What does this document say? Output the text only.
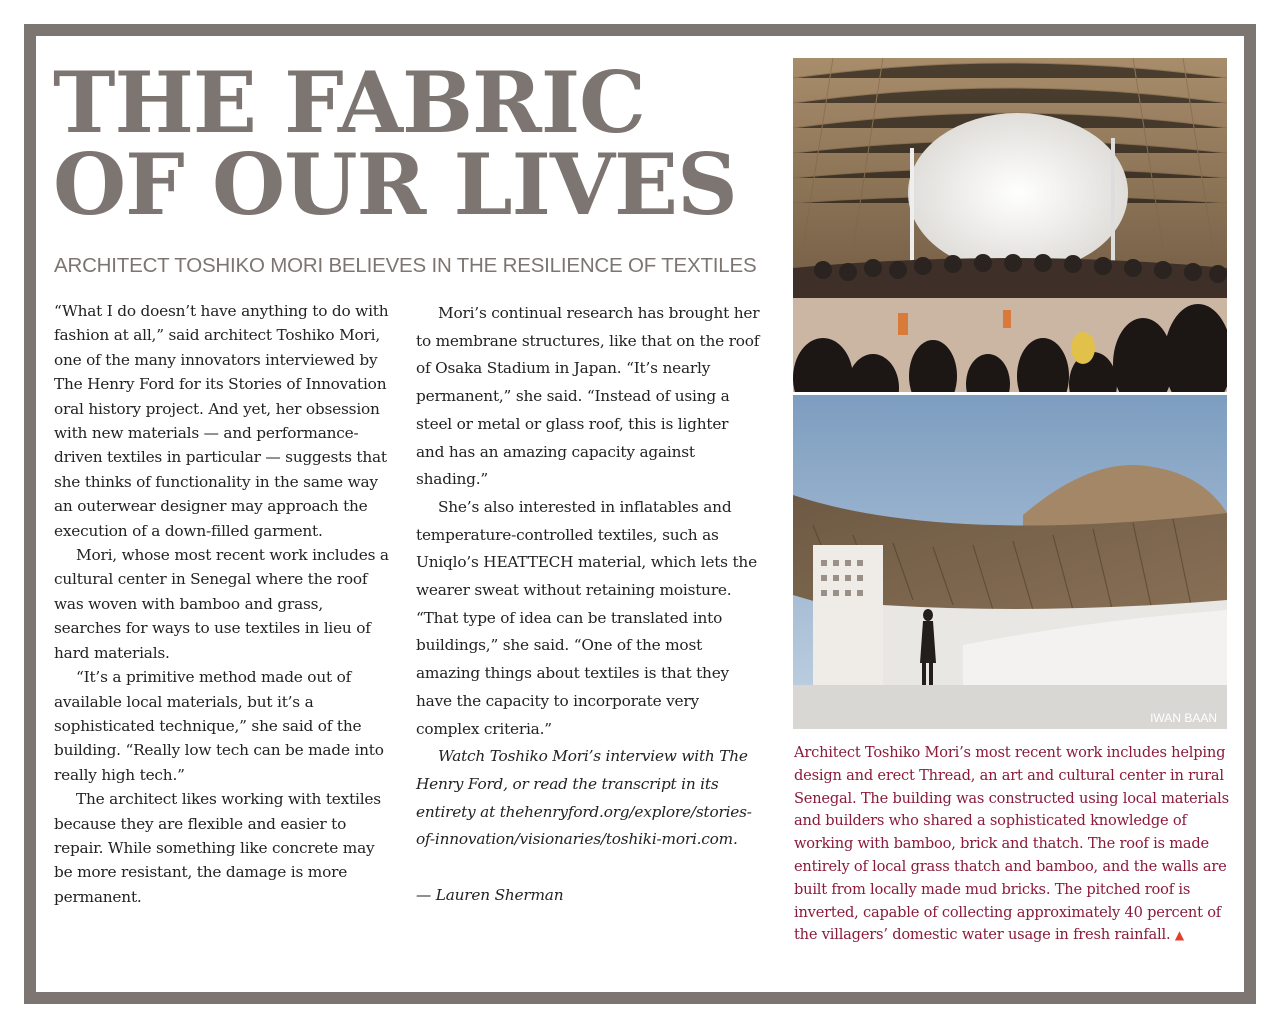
THE FABRIC
OF OUR LIVES

ARCHITECT TOSHIKO MORI BELIEVES IN THE RESILIENCE OF TEXTILES

“What I do doesn’t have anything to do with fashion at all,” said architect Toshiko Mori, one of the many innovators interviewed by The Henry Ford for its Stories of Innovation oral history project. And yet, her obsession with new materials — and performance-driven textiles in particular — suggests that she thinks of functionality in the same way an outerwear designer may approach the execution of a down-filled garment.

Mori, whose most recent work includes a cultural center in Senegal where the roof was woven with bamboo and grass, searches for ways to use textiles in lieu of hard materials.

“It’s a primitive method made out of available local materials, but it’s a sophisticated technique,” she said of the building. “Really low tech can be made into really high tech.”

The architect likes working with textiles because they are flexible and easier to repair. While something like concrete may be more resistant, the damage is more permanent.

Mori’s continual research has brought her to membrane structures, like that on the roof of Osaka Stadium in Japan. “It’s nearly permanent,” she said. “Instead of using a steel or metal or glass roof, this is lighter and has an amazing capacity against shading.”

She’s also interested in inflatables and temperature-controlled textiles, such as Uniqlo’s HEATTECH material, which lets the wearer sweat without retaining moisture. “That type of idea can be translated into buildings,” she said. “One of the most amazing things about textiles is that they have the capacity to incorporate very complex criteria.”

Watch Toshiko Mori’s interview with The Henry Ford, or read the transcript in its entirety at thehenryford.org/explore/stories-of-innovation/visionaries/toshiki-mori.com.

— Lauren Sherman

IWAN BAAN

Architect Toshiko Mori’s most recent work includes helping design and erect Thread, an art and cultural center in rural Senegal. The building was constructed using local materials and builders who shared a sophisticated knowledge of working with bamboo, brick and thatch. The roof is made entirely of local grass thatch and bamboo, and the walls are built from locally made mud bricks. The pitched roof is inverted, capable of collecting approximately 40 percent of the villagers’ domestic water usage in fresh rainfall. ▲
